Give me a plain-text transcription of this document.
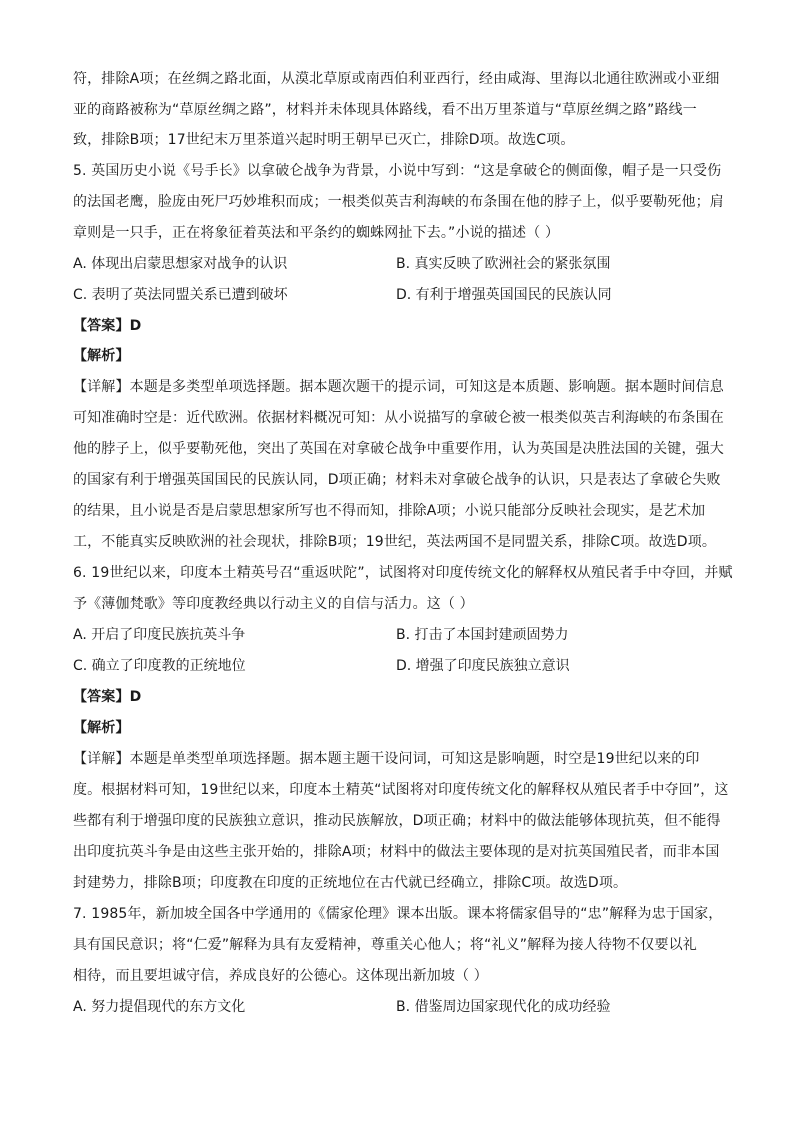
符，排除A项；在丝绸之路北面，从漠北草原或南西伯利亚西行，经由咸海、里海以北通往欧洲或小亚细
亚的商路被称为“草原丝绸之路”，材料并未体现具体路线，看不出万里茶道与“草原丝绸之路”路线一
致，排除B项；17世纪末万里茶道兴起时明王朝早已灭亡，排除D项。故选C项。
5. 英国历史小说《号手长》以拿破仑战争为背景，小说中写到：“这是拿破仑的侧面像，帽子是一只受伤
的法国老鹰，脸庞由死尸巧妙堆积而成；一根类似英吉利海峡的布条围在他的脖子上，似乎要勒死他；肩
章则是一只手，正在将象征着英法和平条约的蜘蛛网扯下去。”小说的描述（ ）
A. 体现出启蒙思想家对战争的认识	B. 真实反映了欧洲社会的紧张氛围
C. 表明了英法同盟关系已遭到破坏	D. 有利于增强英国国民的民族认同
【答案】D
【解析】
【详解】本题是多类型单项选择题。据本题次题干的提示词，可知这是本质题、影响题。据本题时间信息
可知准确时空是：近代欧洲。依据材料概况可知：从小说描写的拿破仑被一根类似英吉利海峡的布条围在
他的脖子上，似乎要勒死他，突出了英国在对拿破仑战争中重要作用，认为英国是决胜法国的关键，强大
的国家有利于增强英国国民的民族认同，D项正确；材料未对拿破仑战争的认识，只是表达了拿破仑失败
的结果，且小说是否是启蒙思想家所写也不得而知，排除A项；小说只能部分反映社会现实，是艺术加
工，不能真实反映欧洲的社会现状，排除B项；19世纪，英法两国不是同盟关系，排除C项。故选D项。
6. 19世纪以来，印度本土精英号召“重返吠陀”，试图将对印度传统文化的解释权从殖民者手中夺回，并赋
予《薄伽梵歌》等印度教经典以行动主义的自信与活力。这（ ）
A. 开启了印度民族抗英斗争	B. 打击了本国封建顽固势力
C. 确立了印度教的正统地位	D. 增强了印度民族独立意识
【答案】D
【解析】
【详解】本题是单类型单项选择题。据本题主题干设问词，可知这是影响题，时空是19世纪以来的印
度。根据材料可知，19世纪以来，印度本土精英“试图将对印度传统文化的解释权从殖民者手中夺回”，这
些都有利于增强印度的民族独立意识，推动民族解放，D项正确；材料中的做法能够体现抗英，但不能得
出印度抗英斗争是由这些主张开始的，排除A项；材料中的做法主要体现的是对抗英国殖民者，而非本国
封建势力，排除B项；印度教在印度的正统地位在古代就已经确立，排除C项。故选D项。
7. 1985年，新加坡全国各中学通用的《儒家伦理》课本出版。课本将儒家倡导的“忠”解释为忠于国家，
具有国民意识；将“仁爱”解释为具有友爱精神，尊重关心他人；将“礼义”解释为接人待物不仅要以礼
相待，而且要坦诚守信，养成良好的公德心。这体现出新加坡（ ）
A. 努力提倡现代的东方文化	B. 借鉴周边国家现代化的成功经验
